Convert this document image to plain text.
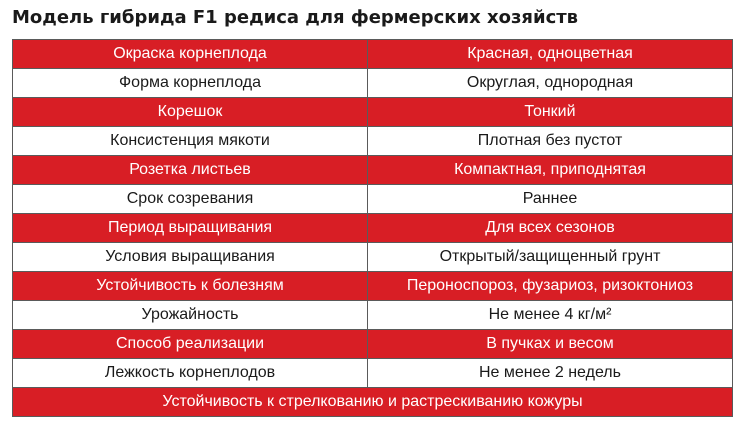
Модель гибрида F1 редиса для фермерских хозяйств
Окраска корнеплода	Красная, одноцветная
Форма корнеплода	Округлая, однородная
Корешок	Тонкий
Консистенция мякоти	Плотная без пустот
Розетка листьев	Компактная, приподнятая
Срок созревания	Раннее
Период выращивания	Для всех сезонов
Условия выращивания	Открытый/защищенный грунт
Устойчивость к болезням	Пероноспороз, фузариоз, ризоктониоз
Урожайность	Не менее 4 кг/м²
Способ реализации	В пучках и весом
Лежкость корнеплодов	Не менее 2 недель
Устойчивость к стрелкованию и растрескиванию кожуры	
